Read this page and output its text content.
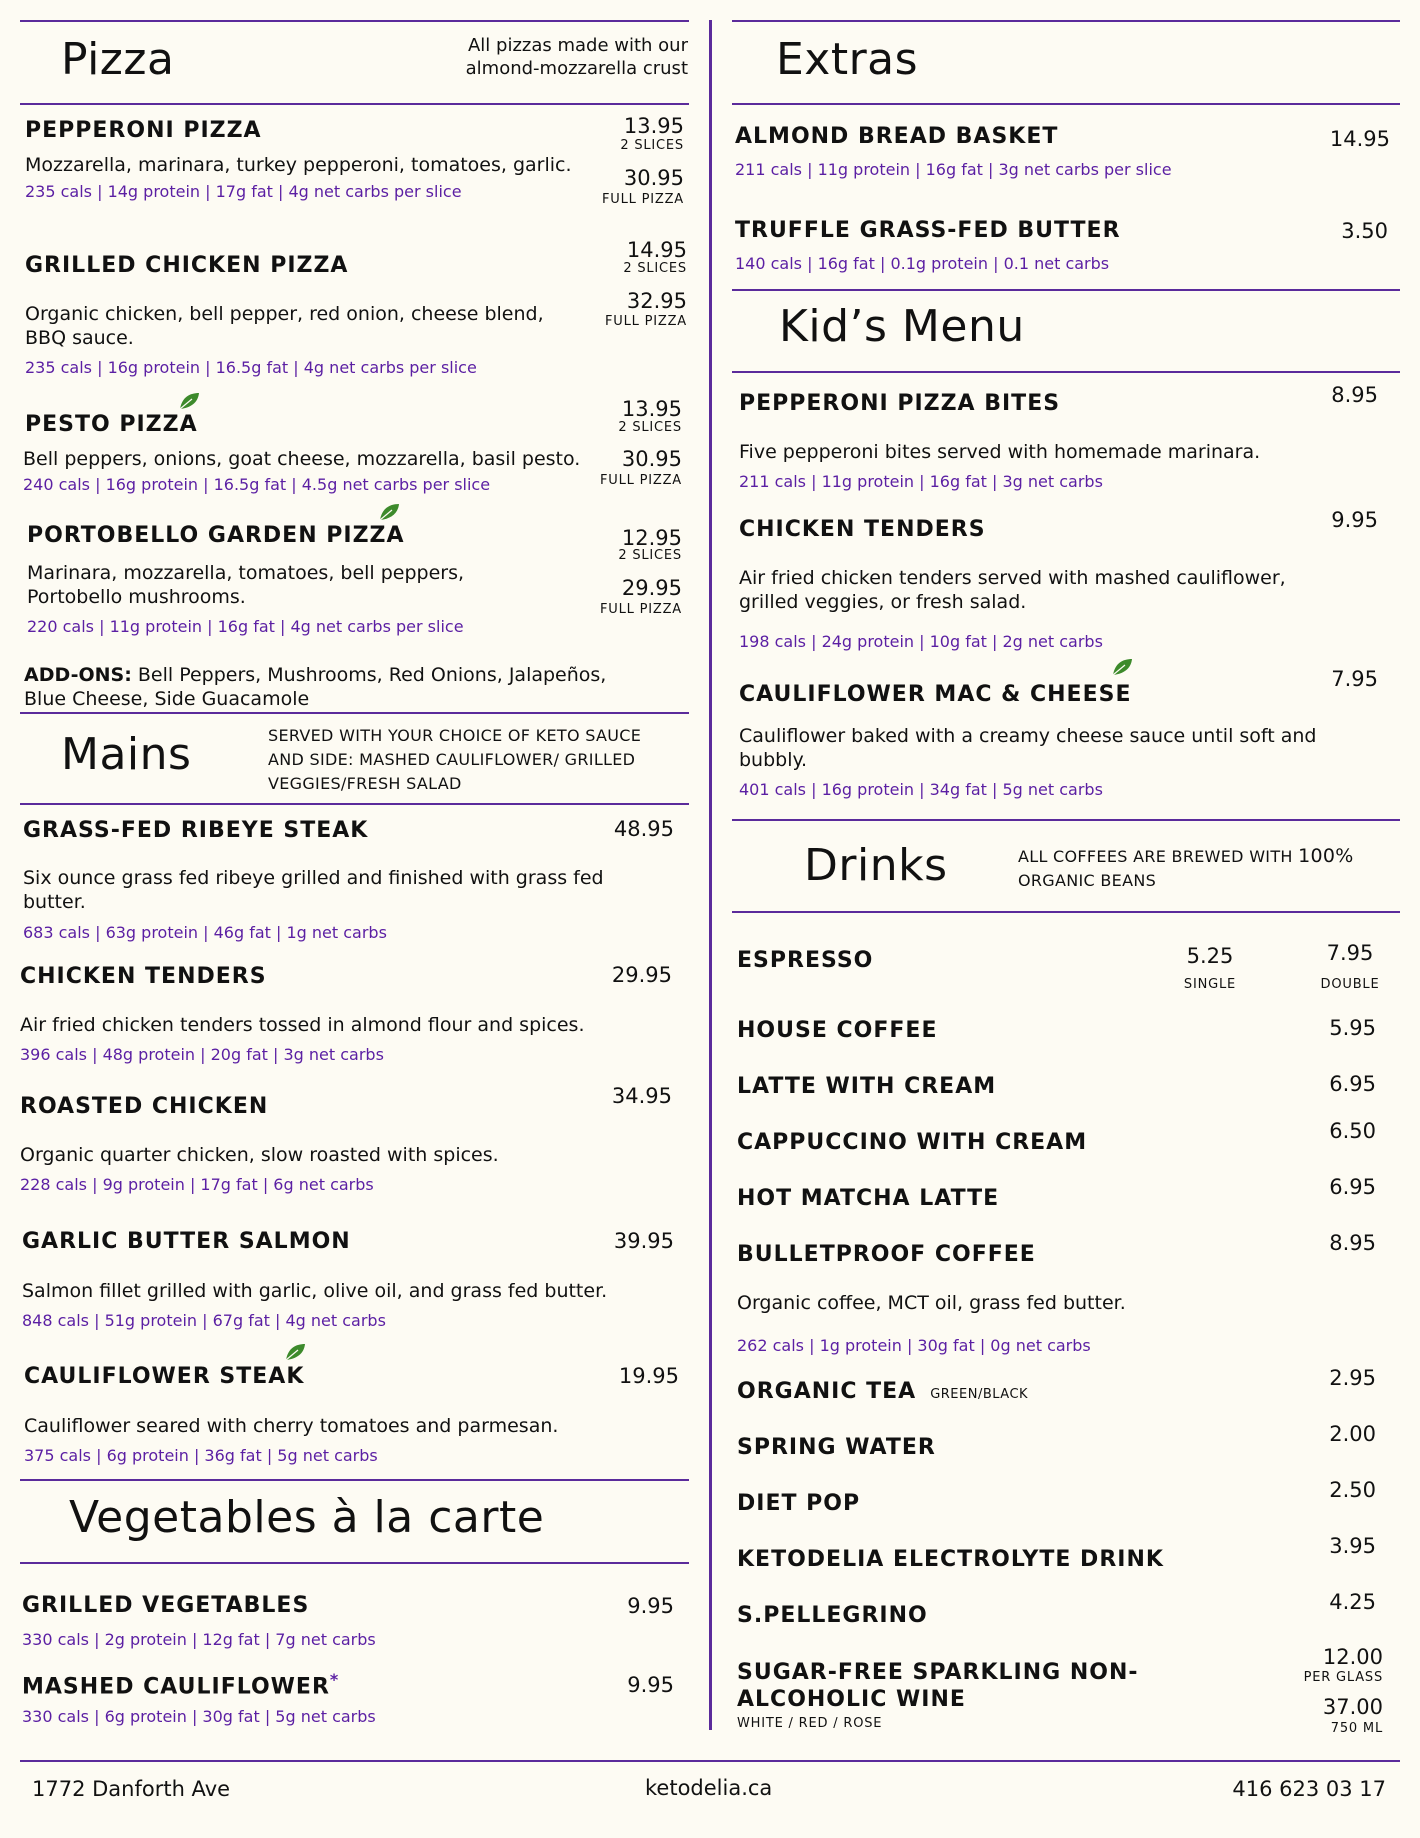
Pizza	All pizzas made with our almond-mozzarella crust
PEPPERONI PIZZA
Mozzarella, marinara, turkey pepperoni, tomatoes, garlic.
235 cals | 14g protein | 17g fat | 4g net carbs per slice
13.95
2 SLICES
30.95
FULL PIZZA
GRILLED CHICKEN PIZZA
Organic chicken, bell pepper, red onion, cheese blend, BBQ sauce.
235 cals | 16g protein | 16.5g fat | 4g net carbs per slice
14.95
2 SLICES
32.95
FULL PIZZA
PESTO PIZZA
Bell peppers, onions, goat cheese, mozzarella, basil pesto.
240 cals | 16g protein | 16.5g fat | 4.5g net carbs per slice
13.95
2 SLICES
30.95
FULL PIZZA
PORTOBELLO GARDEN PIZZA
Marinara, mozzarella, tomatoes, bell peppers, Portobello mushrooms.
220 cals | 11g protein | 16g fat | 4g net carbs per slice
12.95
2 SLICES
29.95
FULL PIZZA
ADD-ONS: Bell Peppers, Mushrooms, Red Onions, Jalapeños, Blue Cheese, Side Guacamole
Mains	SERVED WITH YOUR CHOICE OF KETO SAUCE AND SIDE: MASHED CAULIFLOWER/ GRILLED VEGGIES/FRESH SALAD
GRASS-FED RIBEYE STEAK	48.95
Six ounce grass fed ribeye grilled and finished with grass fed butter.
683 cals | 63g protein | 46g fat | 1g net carbs
CHICKEN TENDERS	29.95
Air fried chicken tenders tossed in almond flour and spices.
396 cals | 48g protein | 20g fat | 3g net carbs
ROASTED CHICKEN	34.95
Organic quarter chicken, slow roasted with spices.
228 cals | 9g protein | 17g fat | 6g net carbs
GARLIC BUTTER SALMON	39.95
Salmon fillet grilled with garlic, olive oil, and grass fed butter.
848 cals | 51g protein | 67g fat | 4g net carbs
CAULIFLOWER STEAK	19.95
Cauliflower seared with cherry tomatoes and parmesan.
375 cals | 6g protein | 36g fat | 5g net carbs
Vegetables à la carte
GRILLED VEGETABLES	9.95
330 cals | 2g protein | 12g fat | 7g net carbs
MASHED CAULIFLOWER*	9.95
330 cals | 6g protein | 30g fat | 5g net carbs
Extras
ALMOND BREAD BASKET	14.95
211 cals | 11g protein | 16g fat | 3g net carbs per slice
TRUFFLE GRASS-FED BUTTER	3.50
140 cals | 16g fat | 0.1g protein | 0.1 net carbs
Kid’s Menu
PEPPERONI PIZZA BITES	8.95
Five pepperoni bites served with homemade marinara.
211 cals | 11g protein | 16g fat | 3g net carbs
CHICKEN TENDERS	9.95
Air fried chicken tenders served with mashed cauliflower, grilled veggies, or fresh salad.
198 cals | 24g protein | 10g fat | 2g net carbs
CAULIFLOWER MAC & CHEESE
7.95
Cauliflower baked with a creamy cheese sauce until soft and bubbly.
401 cals | 16g protein | 34g fat | 5g net carbs
Drinks	ALL COFFEES ARE BREWED WITH 100%
ORGANIC BEANS
ESPRESSO	5.25
SINGLE
7.95
DOUBLE
HOUSE COFFEE	5.95
LATTE WITH CREAM	6.95
CAPPUCCINO WITH CREAM	6.50
HOT MATCHA LATTE	6.95
BULLETPROOF COFFEE	8.95
Organic coffee, MCT oil, grass fed butter.
262 cals | 1g protein | 30g fat | 0g net carbs
ORGANIC TEA GREEN/BLACK
2.95
SPRING WATER
2.00
DIET POP
2.50
KETODELIA ELECTROLYTE DRINK
3.95
S.PELLEGRINO
4.25
SUGAR-FREE SPARKLING NON-
ALCOHOLIC WINE
WHITE / RED / ROSE
12.00
PER GLASS
37.00
750 ML
1772 Danforth Ave	ketodelia.ca	416 623 03 17
